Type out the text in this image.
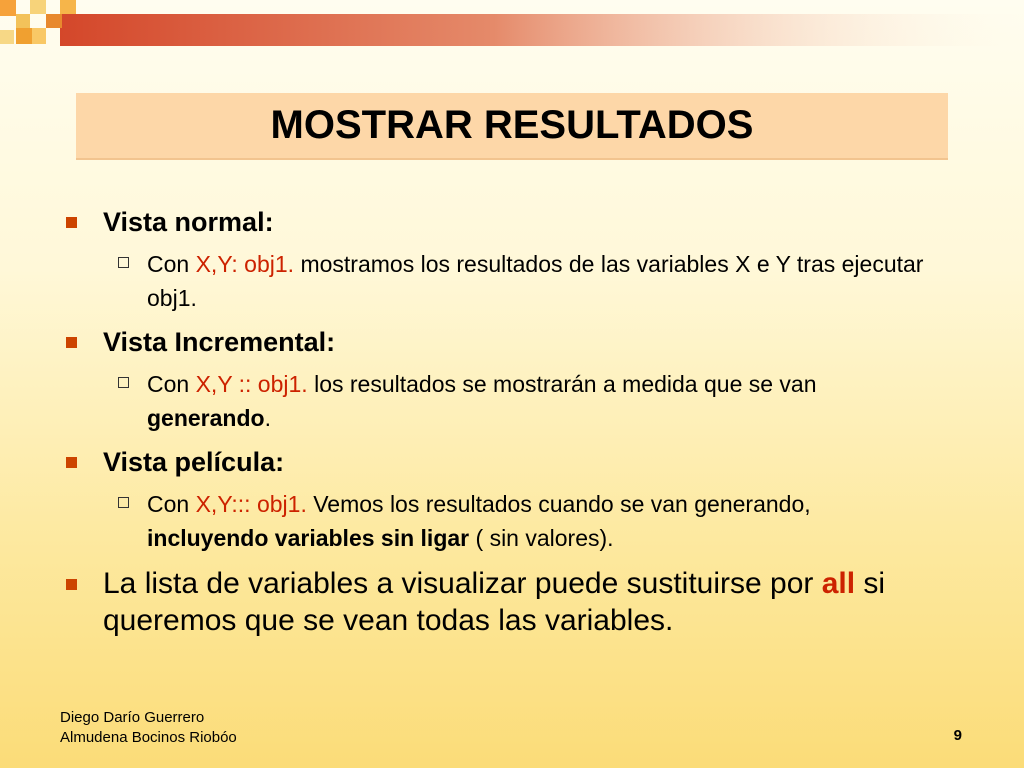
MOSTRAR RESULTADOS
Vista normal:
Con X,Y: obj1. mostramos los resultados de las variables X e Y tras ejecutar obj1.
Vista Incremental:
Con X,Y :: obj1. los resultados se mostrarán a medida que se van generando.
Vista película:
Con X,Y::: obj1. Vemos los resultados cuando se van generando, incluyendo variables sin ligar ( sin valores).
La lista de variables a visualizar puede sustituirse por all si queremos que se vean todas las variables.
Diego Darío Guerrero
Almudena Bocinos Riobóo	9
